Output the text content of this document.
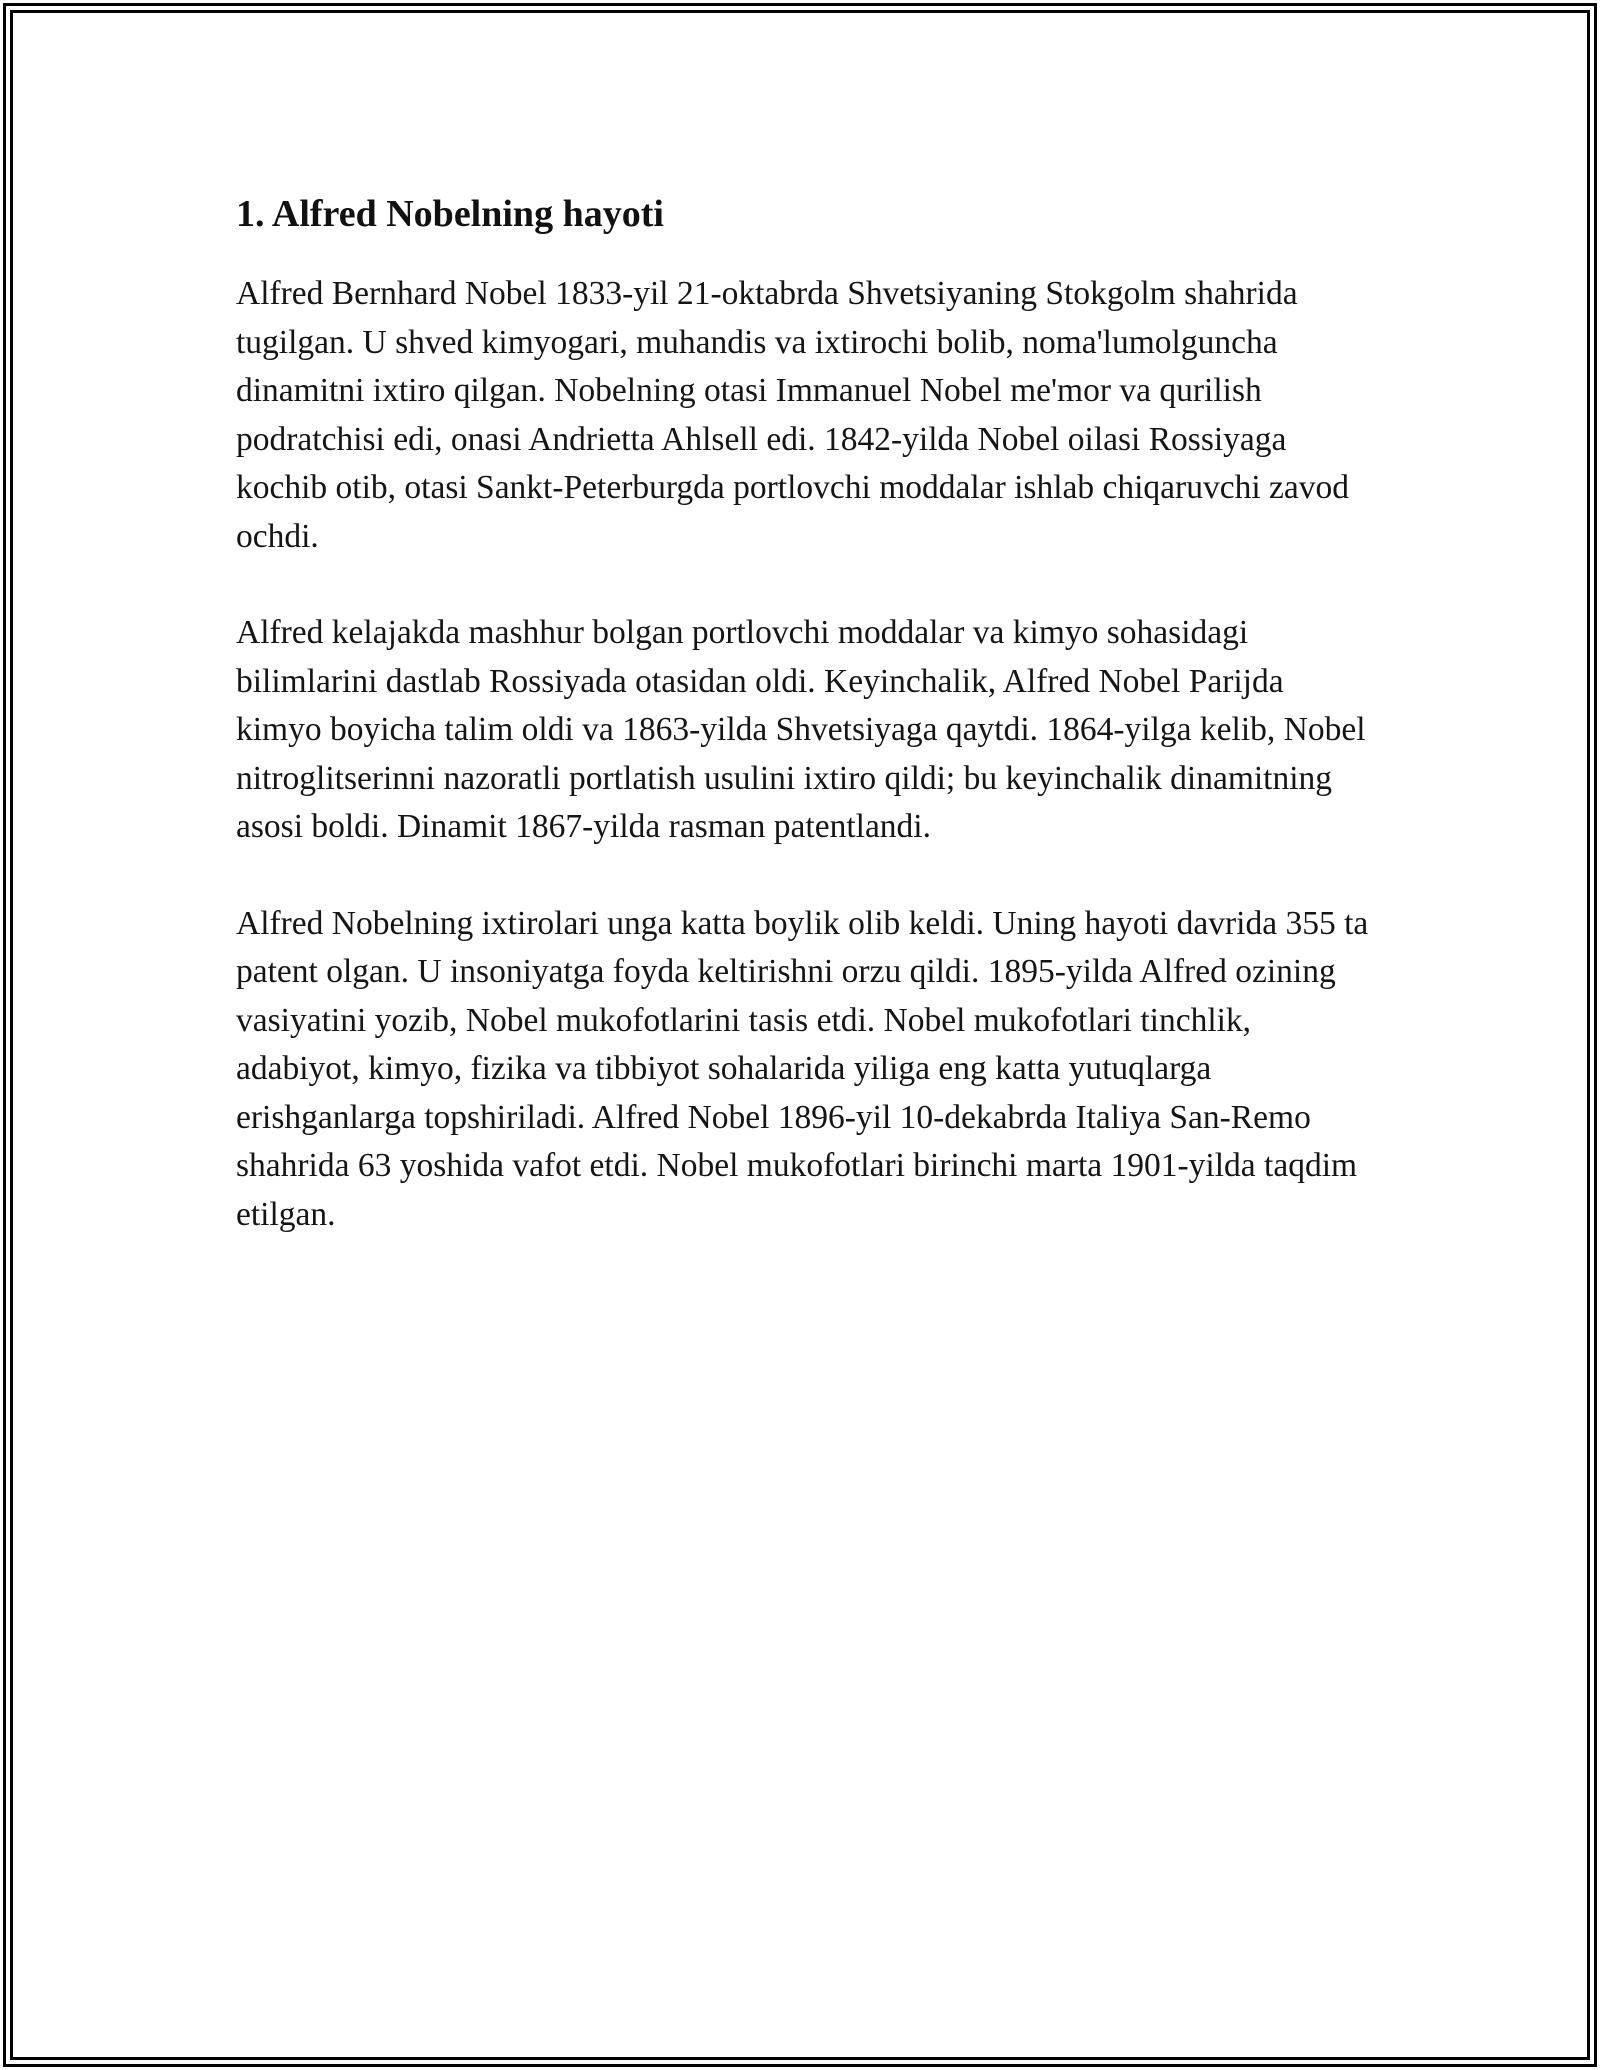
1. Alfred Nobelning hayoti

Alfred Bernhard Nobel 1833-yil 21-oktabrda Shvetsiyaning Stokgolm shahrida tugilgan. U shved kimyogari, muhandis va ixtirochi bolib, noma'lumolguncha dinamitni ixtiro qilgan. Nobelning otasi Immanuel Nobel me'mor va qurilish podratchisi edi, onasi Andrietta Ahlsell edi. 1842-yilda Nobel oilasi Rossiyaga kochib otib, otasi Sankt-Peterburgda portlovchi moddalar ishlab chiqaruvchi zavod ochdi.

Alfred kelajakda mashhur bolgan portlovchi moddalar va kimyo sohasidagi bilimlarini dastlab Rossiyada otasidan oldi. Keyinchalik, Alfred Nobel Parijda kimyo boyicha talim oldi va 1863-yilda Shvetsiyaga qaytdi. 1864-yilga kelib, Nobel nitroglitserinni nazoratli portlatish usulini ixtiro qildi; bu keyinchalik dinamitning asosi boldi. Dinamit 1867-yilda rasman patentlandi.

Alfred Nobelning ixtirolari unga katta boylik olib keldi. Uning hayoti davrida 355 ta patent olgan. U insoniyatga foyda keltirishni orzu qildi. 1895-yilda Alfred ozining vasiyatini yozib, Nobel mukofotlarini tasis etdi. Nobel mukofotlari tinchlik, adabiyot, kimyo, fizika va tibbiyot sohalarida yiliga eng katta yutuqlarga erishganlarga topshiriladi. Alfred Nobel 1896-yil 10-dekabrda Italiya San-Remo shahrida 63 yoshida vafot etdi. Nobel mukofotlari birinchi marta 1901-yilda taqdim etilgan.
